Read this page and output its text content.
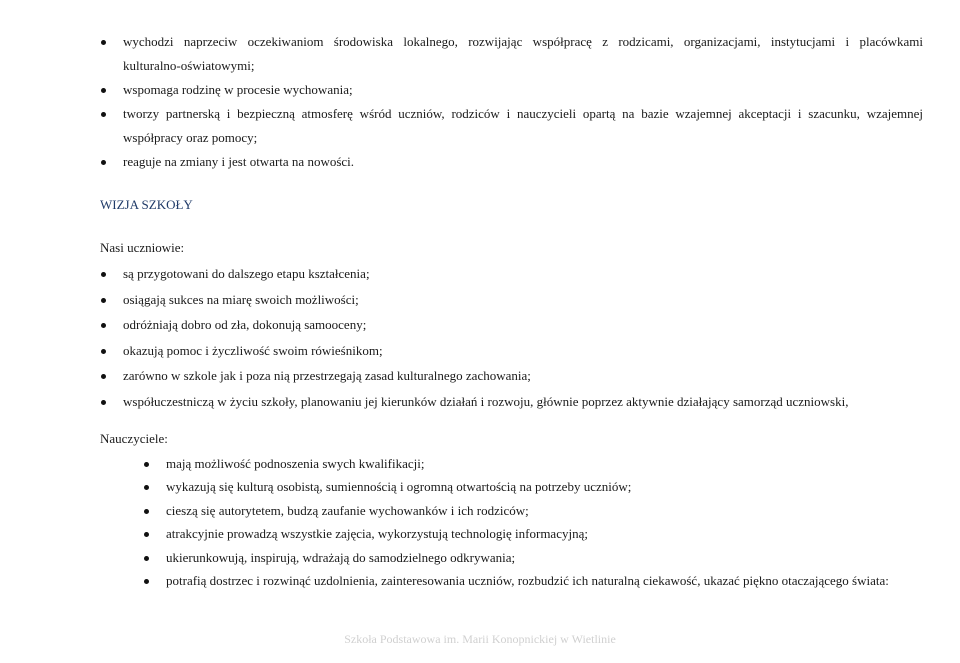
wychodzi naprzeciw oczekiwaniom środowiska lokalnego, rozwijając współpracę z rodzicami, organizacjami, instytucjami i placówkami
kulturalno-oświatowymi;
wspomaga rodzinę w procesie wychowania;
tworzy partnerską i bezpieczną atmosferę wśród uczniów, rodziców i nauczycieli opartą na bazie wzajemnej akceptacji i szacunku, wzajemnej współpracy oraz pomocy;
reaguje na zmiany i jest otwarta na nowości.
WIZJA SZKOŁY
Nasi uczniowie:
są przygotowani do dalszego etapu kształcenia;
osiągają sukces na miarę swoich możliwości;
odróżniają dobro od zła, dokonują samooceny;
okazują pomoc i życzliwość swoim rówieśnikom;
zarówno w szkole jak i poza nią przestrzegają zasad kulturalnego zachowania;
współuczestniczą w życiu szkoły, planowaniu jej kierunków działań i rozwoju, głównie poprzez aktywnie działający samorząd uczniowski,
Nauczyciele:
mają możliwość podnoszenia swych kwalifikacji;
wykazują się kulturą osobistą, sumiennością i ogromną otwartością na potrzeby uczniów;
cieszą się autorytetem, budzą zaufanie wychowanków i ich rodziców;
atrakcyjnie prowadzą wszystkie zajęcia, wykorzystują technologię informacyjną;
ukierunkowują, inspirują, wdrażają do samodzielnego odkrywania;
potrafią dostrzec i rozwinąć uzdolnienia, zainteresowania uczniów, rozbudzić ich naturalną ciekawość, ukazać piękno otaczającego świata:
Szkoła Podstawowa im. Marii Konopnickiej w Wietlinie
